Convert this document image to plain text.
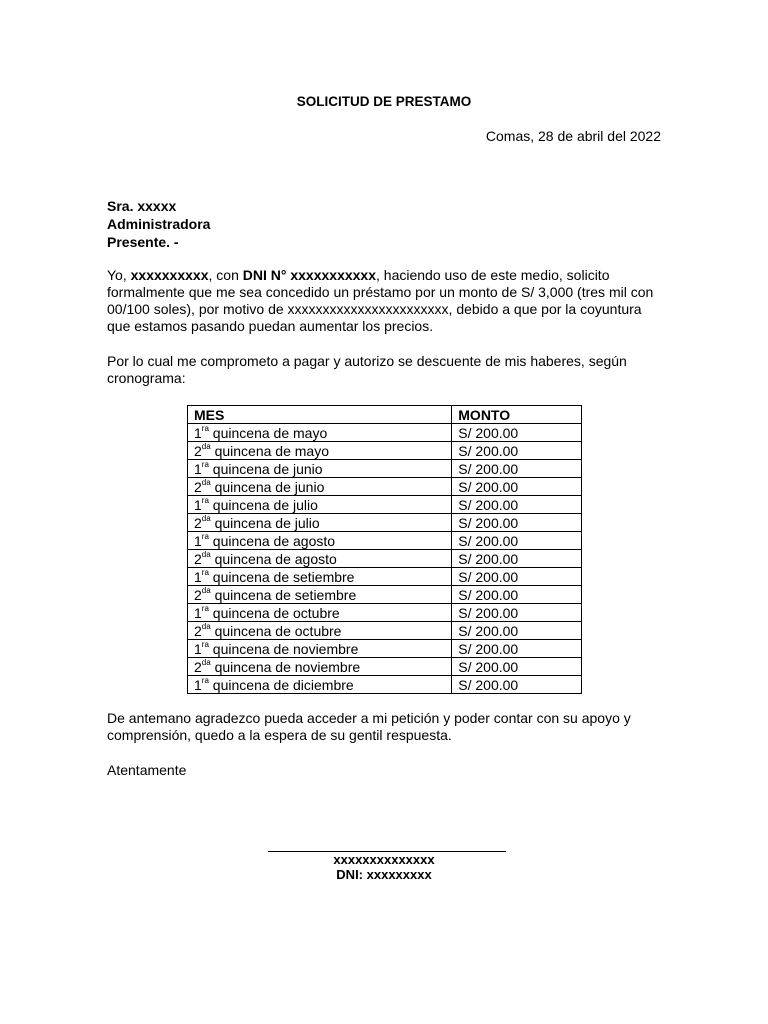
SOLICITUD DE PRESTAMO
Comas, 28 de abril del 2022
Sra. xxxxx
Administradora
Presente. -
Yo, xxxxxxxxxx, con DNI N° xxxxxxxxxxx, haciendo uso de este medio, solicito formalmente que me sea concedido un préstamo por un monto de S/ 3,000 (tres mil con 00/100 soles), por motivo de xxxxxxxxxxxxxxxxxxxxxxx, debido a que por la coyuntura que estamos pasando puedan aumentar los precios.
Por lo cual me comprometo a pagar y autorizo se descuente de mis haberes, según cronograma:
MES	MONTO
$1^{ra}$ quincena de mayo	S/ 200.00
$2^{da}$ quincena de mayo	S/ 200.00
$1^{ra}$ quincena de junio	S/ 200.00
$2^{da}$ quincena de junio	S/ 200.00
$1^{ra}$ quincena de julio	S/ 200.00
$2^{da}$ quincena de julio	S/ 200.00
$1^{ra}$ quincena de agosto	S/ 200.00
$2^{da}$ quincena de agosto	S/ 200.00
$1^{ra}$ quincena de setiembre	S/ 200.00
$2^{da}$ quincena de setiembre	S/ 200.00
$1^{ra}$ quincena de octubre	S/ 200.00
$2^{da}$ quincena de octubre	S/ 200.00
$1^{ra}$ quincena de noviembre	S/ 200.00
$2^{da}$ quincena de noviembre	S/ 200.00
$1^{ra}$ quincena de diciembre	S/ 200.00
De antemano agradezco pueda acceder a mi petición y poder contar con su apoyo y comprensión, quedo a la espera de su gentil respuesta.
Atentamente
xxxxxxxxxxxxxx
DNI: xxxxxxxxx
